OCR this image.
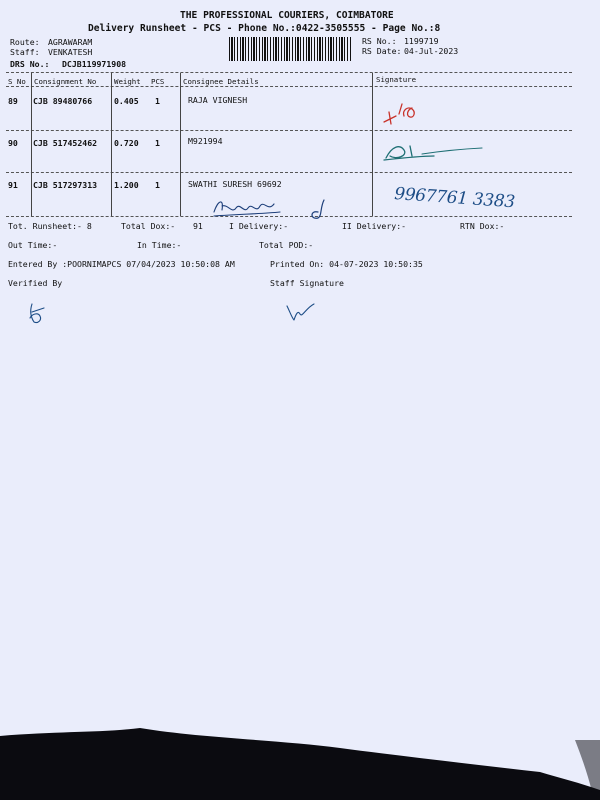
THE PROFESSIONAL COURIERS, COIMBATORE
Delivery Runsheet - PCS - Phone No.:0422-3505555 - Page No.:8
Route: AGRAWARAM
Staff: VENKATESH
DRS No.: DCJB119971908
RS No.: 1199719
RS Date: 04-Jul-2023
S No Consignment No Weight PCS	Consignee Details	Signature
89 CJB 89480766	0.405 1	RAJA VIGNESH
90 CJB 517452462 0.720 1	M921994
91 CJB 517297313 1.200 1	SWATHI SURESH 69692	9967761 3383
Tot. Runsheet:- 8	Total Dox:- 91	I Delivery:-	II Delivery:-	RTN Dox:-
Out Time:-	In Time:-	Total POD:-
Entered By :POORNIMAPCS 07/04/2023 10:50:08 AM	Printed On: 04-07-2023 10:50:35
Verified By	Staff Signature
